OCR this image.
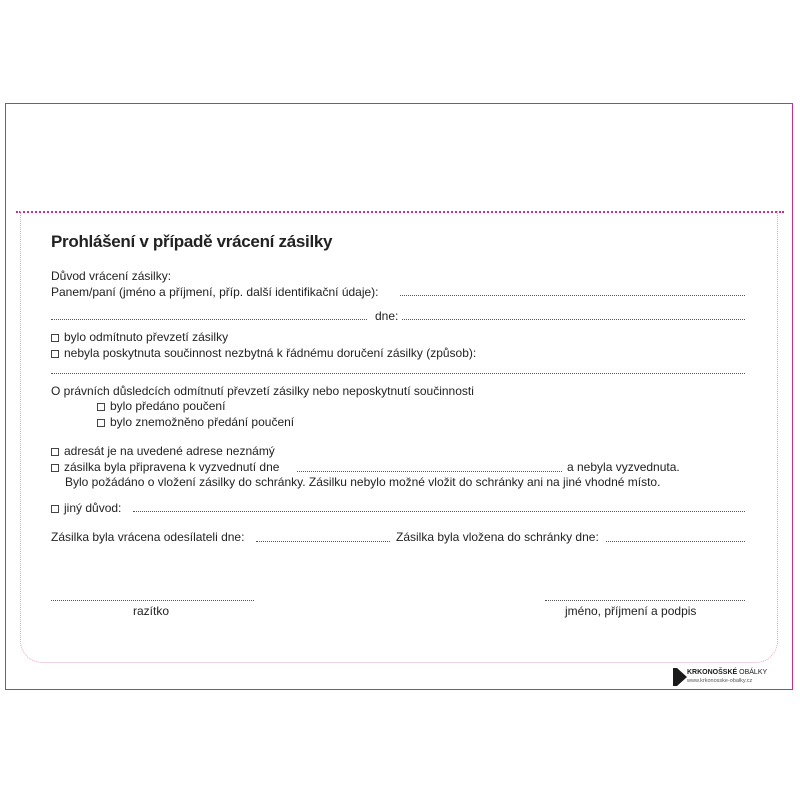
Prohlášení v případě vrácení zásilky
Důvod vrácení zásilky:
Panem/paní (jméno a příjmení, příp. další identifikační údaje):
dne:
bylo odmítnuto převzetí zásilky
nebyla poskytnuta součinnost nezbytná k řádnému doručení zásilky (způsob):
O právních důsledcích odmítnutí převzetí zásilky nebo neposkytnutí součinnosti
bylo předáno poučení
bylo znemožněno předání poučení
adresát je na uvedené adrese neznámý
zásilka byla připravena k vyzvednutí dne	a nebyla vyzvednuta.
Bylo požádáno o vložení zásilky do schránky. Zásilku nebylo možné vložit do schránky ani na jiné vhodné místo.
jiný důvod:
Zásilka byla vrácena odesílateli dne:	Zásilka byla vložena do schránky dne:
razítko	jméno, příjmení a podpis
KRKONOŠSKÉ OBÁLKY
www.krkonosske-obalky.cz
